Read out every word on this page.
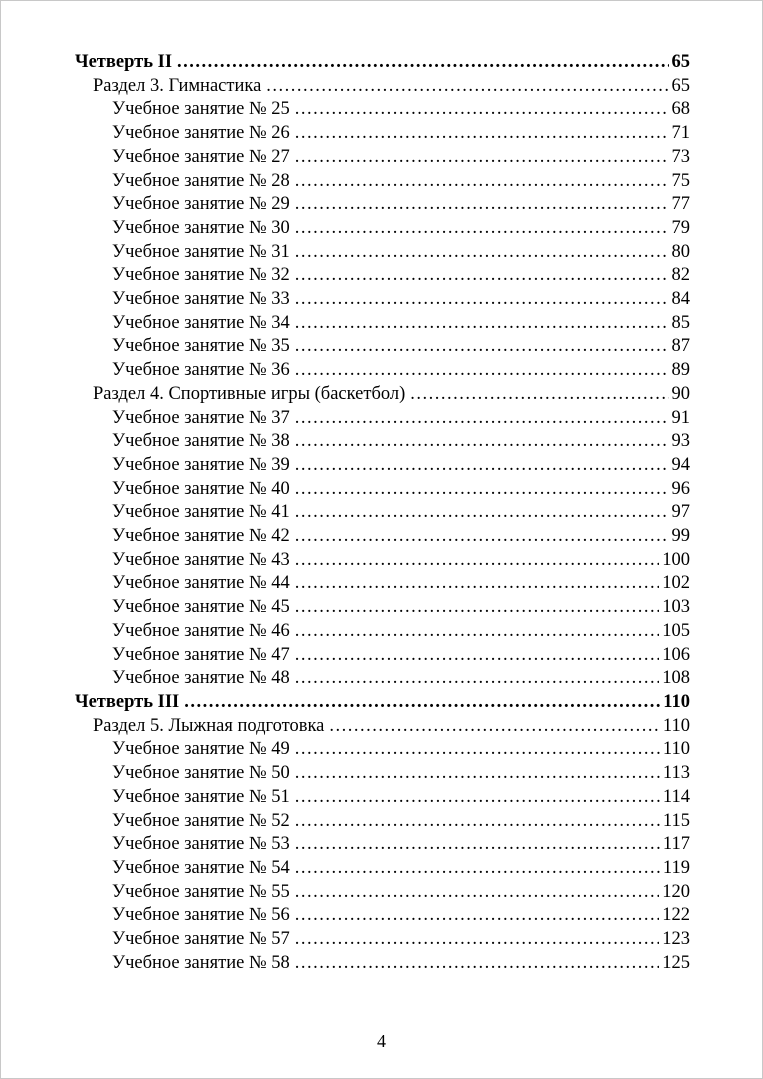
Четверть II .....	65
Раздел 3. Гимнастика .....	65
Учебное занятие № 25 .....	68
Учебное занятие № 26 .....	71
Учебное занятие № 27 .....	73
Учебное занятие № 28 .....	75
Учебное занятие № 29 .....	77
Учебное занятие № 30 .....	79
Учебное занятие № 31 .....	80
Учебное занятие № 32 .....	82
Учебное занятие № 33 .....	84
Учебное занятие № 34 .....	85
Учебное занятие № 35 .....	87
Учебное занятие № 36 .....	89
Раздел 4. Спортивные игры (баскетбол) .....	90
Учебное занятие № 37 .....	91
Учебное занятие № 38 .....	93
Учебное занятие № 39 .....	94
Учебное занятие № 40 .....	96
Учебное занятие № 41 .....	97
Учебное занятие № 42 .....	99
Учебное занятие № 43 .....	100
Учебное занятие № 44 .....	102
Учебное занятие № 45 .....	103
Учебное занятие № 46 .....	105
Учебное занятие № 47 .....	106
Учебное занятие № 48 .....	108
Четверть III .....	110
Раздел 5. Лыжная подготовка .....	110
Учебное занятие № 49 .....	110
Учебное занятие № 50 .....	113
Учебное занятие № 51 .....	114
Учебное занятие № 52 .....	115
Учебное занятие № 53 .....	117
Учебное занятие № 54 .....	119
Учебное занятие № 55 .....	120
Учебное занятие № 56 .....	122
Учебное занятие № 57 .....	123
Учебное занятие № 58 .....	125
4
